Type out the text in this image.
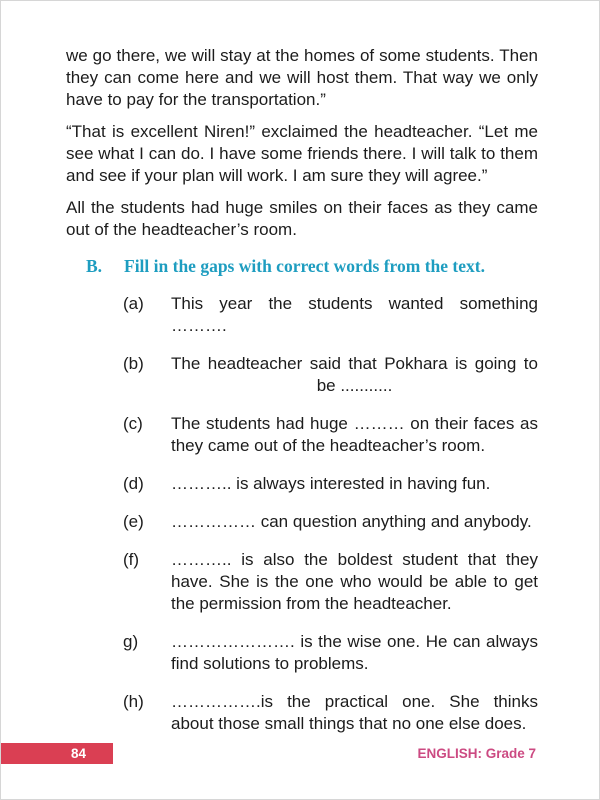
we go there, we will stay at the homes of some students. Then they can come here and we will host them. That way we only have to pay for the transportation.”

“That is excellent Niren!” exclaimed the headteacher. “Let me see what I can do. I have some friends there. I will talk to them and see if your plan will work. I am sure they will agree.”

All the students had huge smiles on their faces as they came out of the headteacher’s room.

B.	Fill in the gaps with correct words from the text.
(a)	This year the students wanted something ……….
(b)	The headteacher said that Pokhara is going to be ...........
(c)	The students had huge ……… on their faces as they came out of the headteacher’s room.
(d)	……….. is always interested in having fun.
(e)	…………… can question anything and anybody.
(f)	……….. is also the boldest student that they have. She is the one who would be able to get the permission from the headteacher.
g)	…………………. is the wise one. He can always find solutions to problems.
(h)	…………….is the practical one. She thinks about those small things that no one else does.
84	ENGLISH: Grade 7
